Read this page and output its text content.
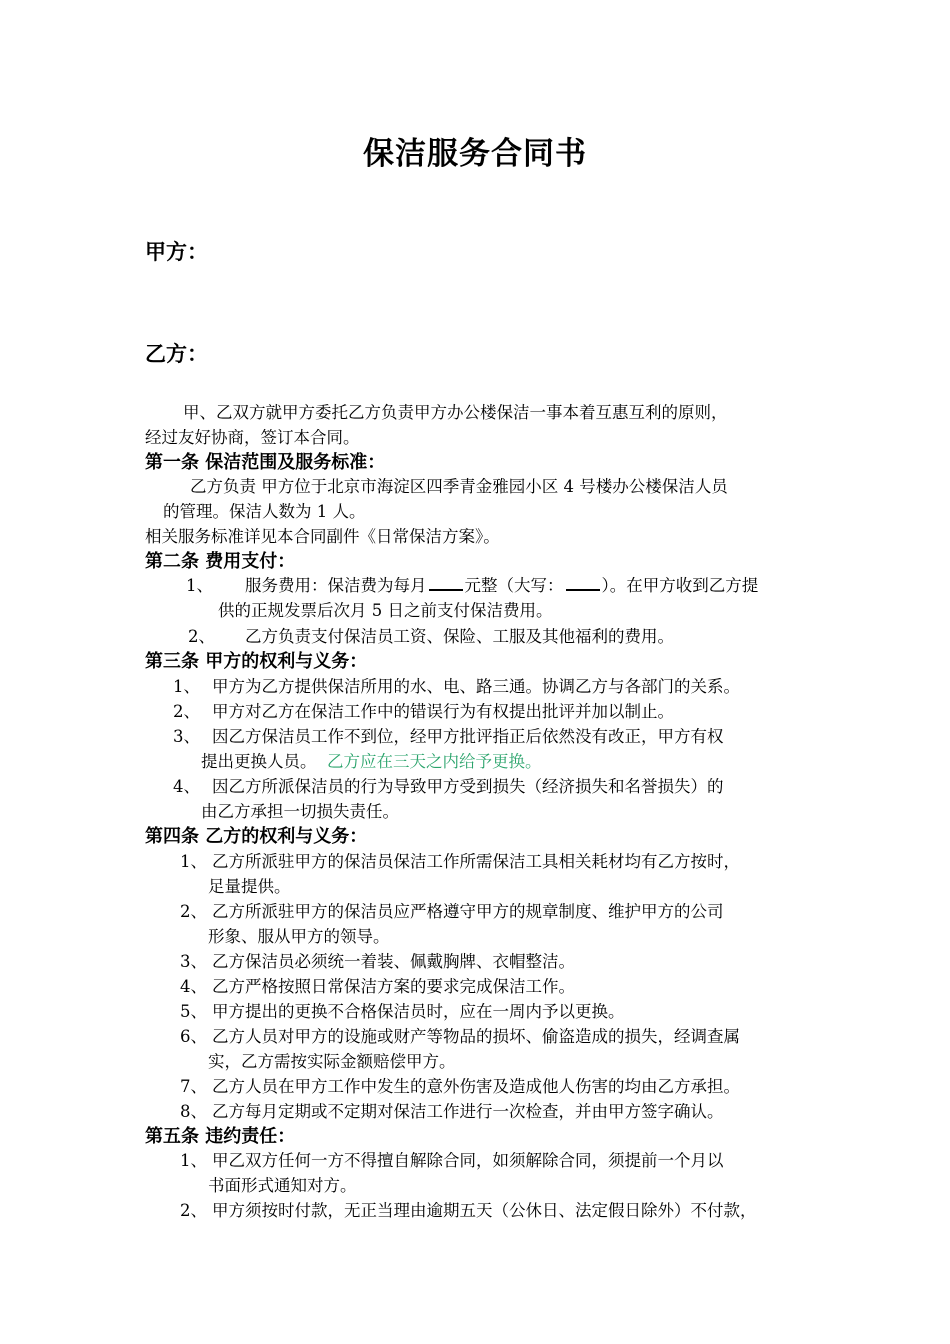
保洁服务合同书
甲方：
乙方：
甲、乙双方就甲方委托乙方负责甲方办公楼保洁一事本着互惠互利的原则，
经过友好协商，签订本合同。
第一条 保洁范围及服务标准：
乙方负责 甲方位于北京市海淀区四季青金雅园小区 4 号楼办公楼保洁人员
的管理。保洁人数为 1 人。
相关服务标准详见本合同副件《日常保洁方案》。
第二条 费用支付：
1、 服务费用：保洁费为每月 元整（大写： ）。在甲方收到乙方提
供的正规发票后次月 5 日之前支付保洁费用。
2、 乙方负责支付保洁员工资、保险、工服及其他福利的费用。
第三条 甲方的权利与义务：
1、 甲方为乙方提供保洁所用的水、电、路三通。协调乙方与各部门的关系。
2、 甲方对乙方在保洁工作中的错误行为有权提出批评并加以制止。
3、 因乙方保洁员工作不到位，经甲方批评指正后依然没有改正，甲方有权
提出更换人员。 乙方应在三天之内给予更换。
4、 因乙方所派保洁员的行为导致甲方受到损失（经济损失和名誉损失）的
由乙方承担一切损失责任。
第四条 乙方的权利与义务：
1、 乙方所派驻甲方的保洁员保洁工作所需保洁工具相关耗材均有乙方按时，
足量提供。
2、 乙方所派驻甲方的保洁员应严格遵守甲方的规章制度、维护甲方的公司
形象、服从甲方的领导。
3、 乙方保洁员必须统一着装、佩戴胸牌、衣帽整洁。
4、 乙方严格按照日常保洁方案的要求完成保洁工作。
5、 甲方提出的更换不合格保洁员时，应在一周内予以更换。
6、 乙方人员对甲方的设施或财产等物品的损坏、偷盗造成的损失，经调查属
实，乙方需按实际金额赔偿甲方。
7、 乙方人员在甲方工作中发生的意外伤害及造成他人伤害的均由乙方承担。
8、 乙方每月定期或不定期对保洁工作进行一次检查，并由甲方签字确认。
第五条 违约责任：
1、 甲乙双方任何一方不得擅自解除合同，如须解除合同，须提前一个月以
书面形式通知对方。
2、 甲方须按时付款，无正当理由逾期五天（公休日、法定假日除外）不付款，
